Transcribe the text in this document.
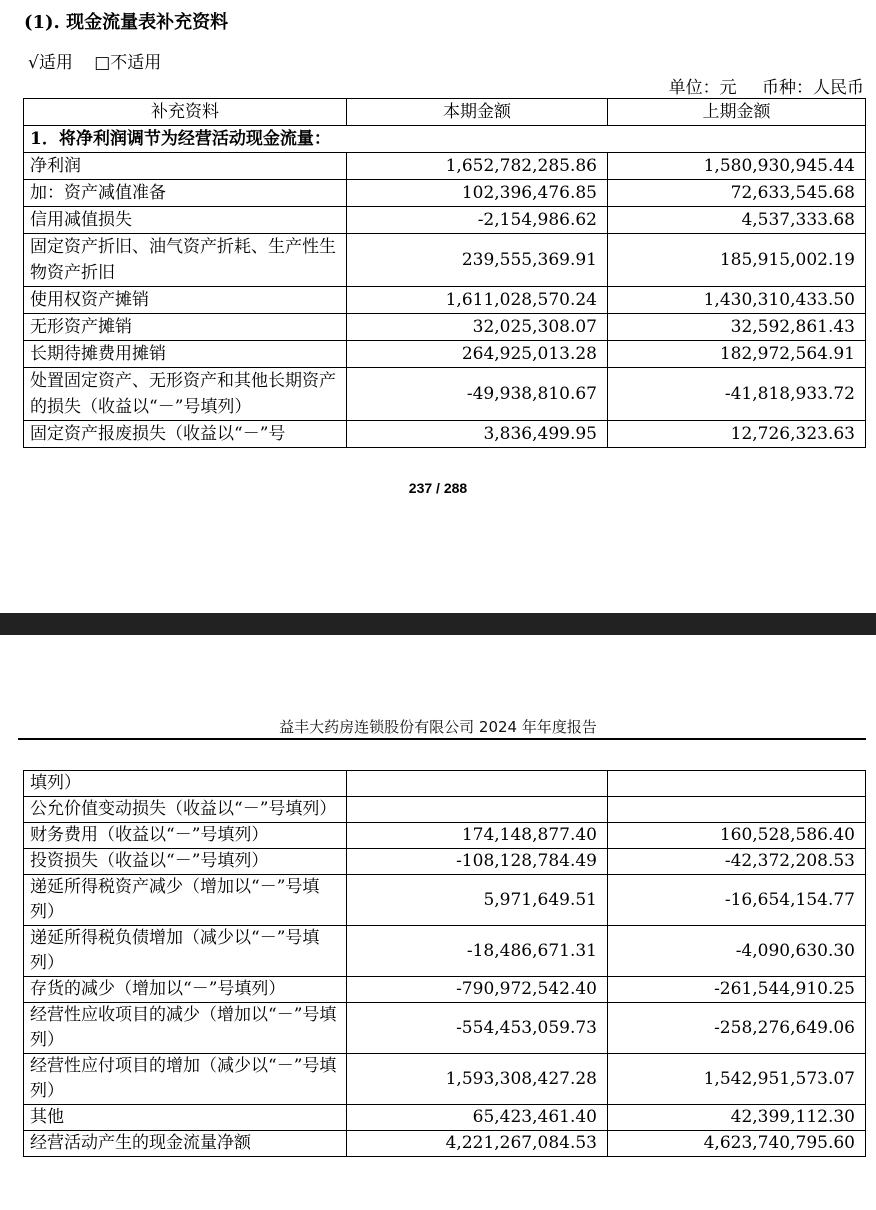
(1). 现金流量表补充资料
√适用 □不适用
单位：元 币种：人民币
补充资料	本期金额	上期金额
1．将净利润调节为经营活动现金流量：		
净利润	1,652,782,285.86	1,580,930,945.44
加：资产减值准备	102,396,476.85	72,633,545.68
信用减值损失	-2,154,986.62	4,537,333.68
固定资产折旧、油气资产折耗、生产性生物资产折旧	239,555,369.91	185,915,002.19
使用权资产摊销	1,611,028,570.24	1,430,310,433.50
无形资产摊销	32,025,308.07	32,592,861.43
长期待摊费用摊销	264,925,013.28	182,972,564.91
处置固定资产、无形资产和其他长期资产的损失（收益以“－”号填列）	-49,938,810.67	-41,818,933.72
固定资产报废损失（收益以“－”号	3,836,499.95	12,726,323.63
237 / 288
益丰大药房连锁股份有限公司 2024 年年度报告
填列）		
公允价值变动损失（收益以“－”号填列）		
财务费用（收益以“－”号填列）	174,148,877.40	160,528,586.40
投资损失（收益以“－”号填列）	-108,128,784.49	-42,372,208.53
递延所得税资产减少（增加以“－”号填列）	5,971,649.51	-16,654,154.77
递延所得税负债增加（减少以“－”号填列）	-18,486,671.31	-4,090,630.30
存货的减少（增加以“－”号填列）	-790,972,542.40	-261,544,910.25
经营性应收项目的减少（增加以“－”号填列）	-554,453,059.73	-258,276,649.06
经营性应付项目的增加（减少以“－”号填列）	1,593,308,427.28	1,542,951,573.07
其他	65,423,461.40	42,399,112.30
经营活动产生的现金流量净额	4,221,267,084.53	4,623,740,795.60
